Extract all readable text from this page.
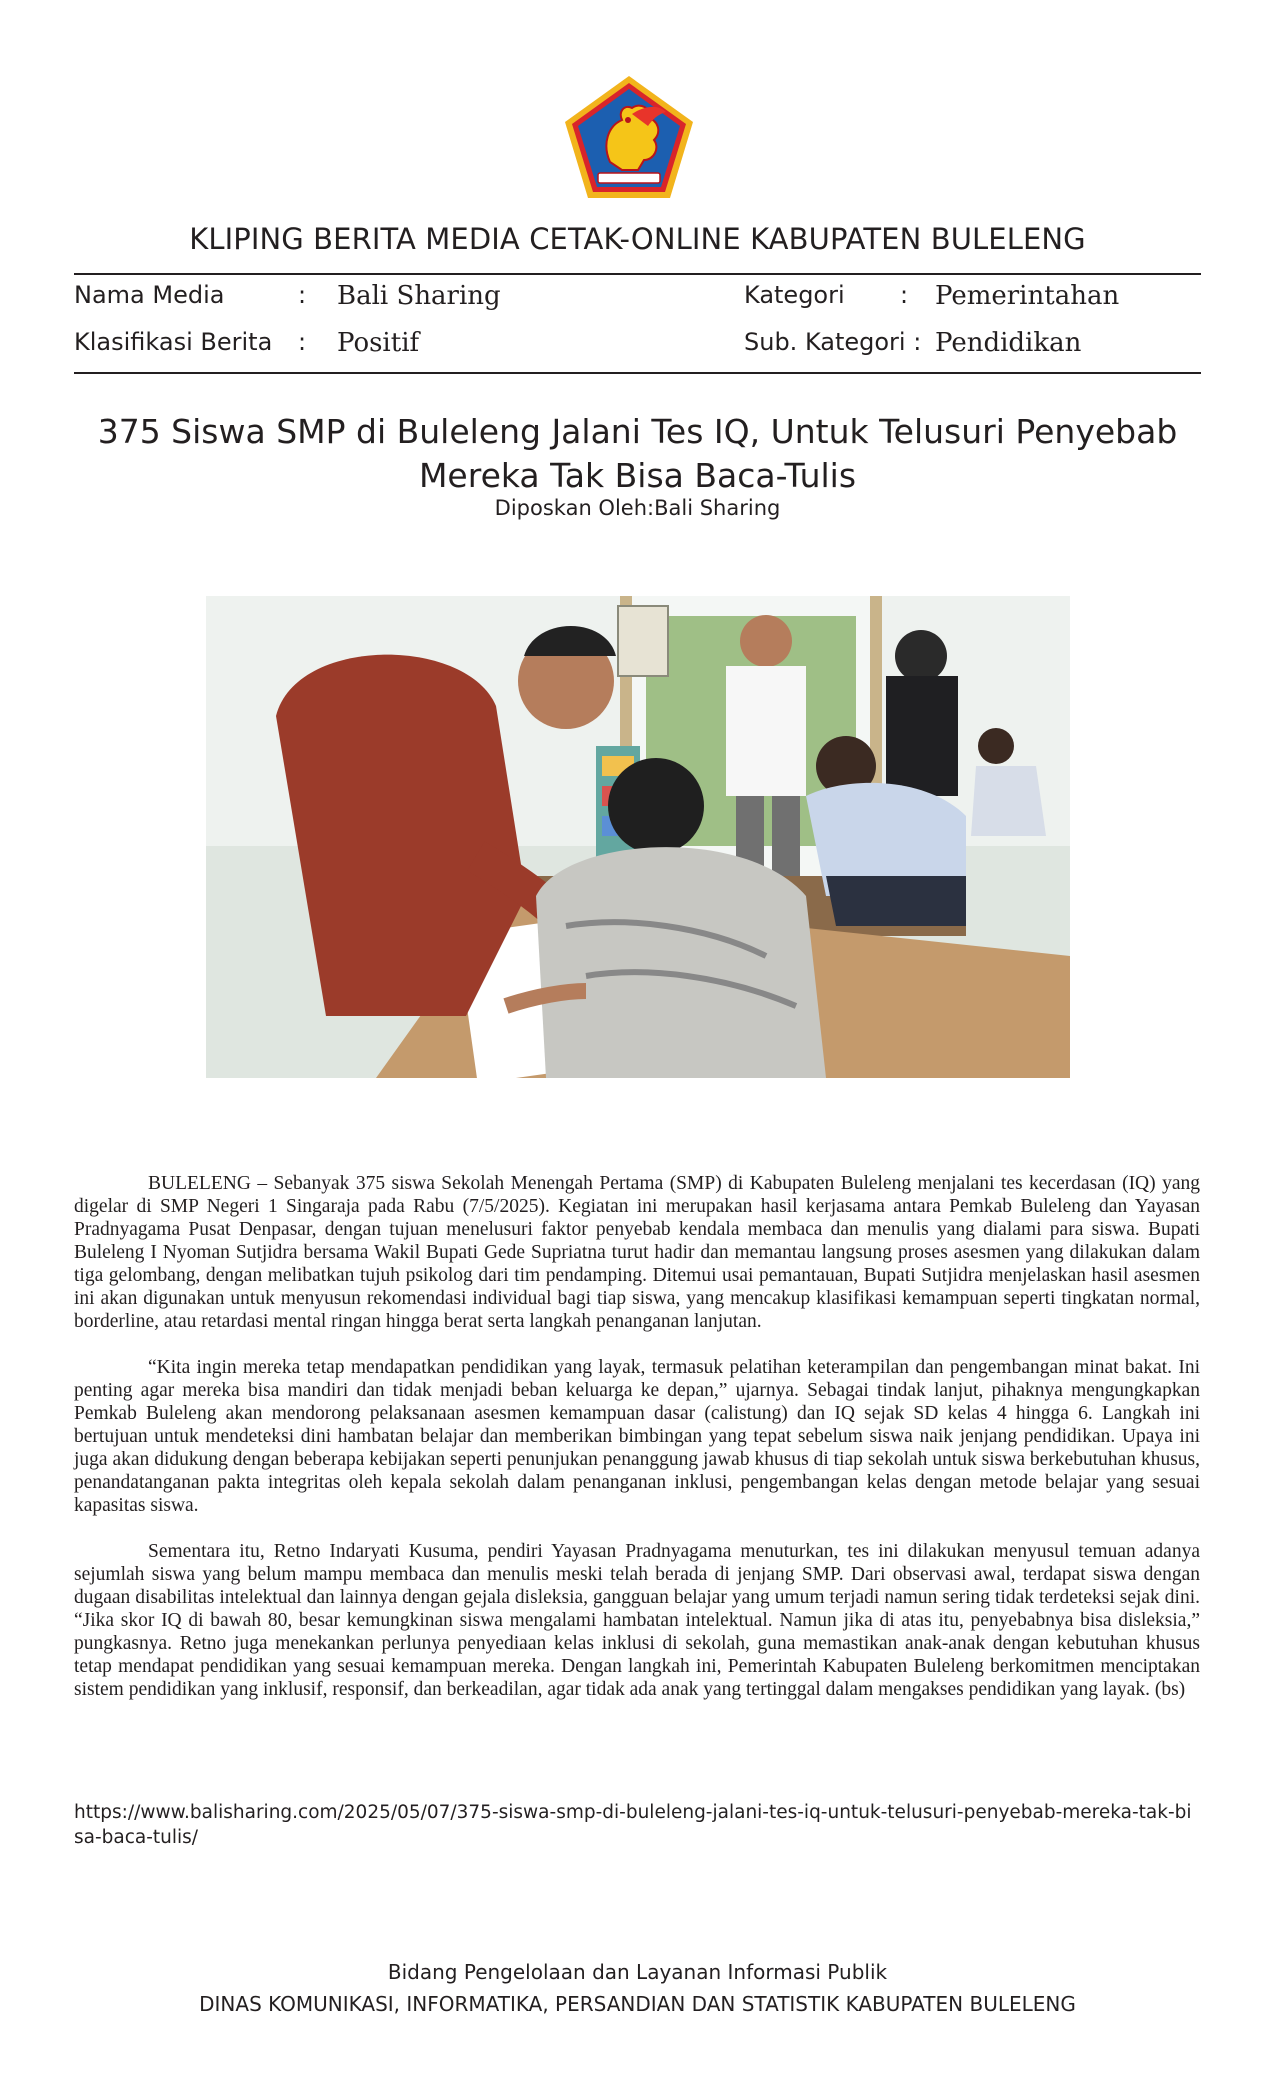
KLIPING BERITA MEDIA CETAK-ONLINE KABUPATEN BULELENG
Nama Media	: Bali Sharing	Kategori : Pemerintahan
Klasifikasi Berita : Positif	Sub. Kategori : Pendidikan
375 Siswa SMP di Buleleng Jalani Tes IQ, Untuk Telusuri Penyebab Mereka Tak Bisa Baca-Tulis
Diposkan Oleh:Bali Sharing

BULELENG – Sebanyak 375 siswa Sekolah Menengah Pertama (SMP) di Kabupaten Buleleng menjalani tes kecerdasan (IQ) yang digelar di SMP Negeri 1 Singaraja pada Rabu (7/5/2025). Kegiatan ini merupakan hasil kerjasama antara Pemkab Buleleng dan Yayasan Pradnyagama Pusat Denpasar, dengan tujuan menelusuri faktor penyebab kendala membaca dan menulis yang dialami para siswa. Bupati Buleleng I Nyoman Sutjidra bersama Wakil Bupati Gede Supriatna turut hadir dan memantau langsung proses asesmen yang dilakukan dalam tiga gelombang, dengan melibatkan tujuh psikolog dari tim pendamping. Ditemui usai pemantauan, Bupati Sutjidra menjelaskan hasil asesmen ini akan digunakan untuk menyusun rekomendasi individual bagi tiap siswa, yang mencakup klasifikasi kemampuan seperti tingkatan normal, borderline, atau retardasi mental ringan hingga berat serta langkah penanganan lanjutan.

“Kita ingin mereka tetap mendapatkan pendidikan yang layak, termasuk pelatihan keterampilan dan pengembangan minat bakat. Ini penting agar mereka bisa mandiri dan tidak menjadi beban keluarga ke depan,” ujarnya. Sebagai tindak lanjut, pihaknya mengungkapkan Pemkab Buleleng akan mendorong pelaksanaan asesmen kemampuan dasar (calistung) dan IQ sejak SD kelas 4 hingga 6. Langkah ini bertujuan untuk mendeteksi dini hambatan belajar dan memberikan bimbingan yang tepat sebelum siswa naik jenjang pendidikan. Upaya ini juga akan didukung dengan beberapa kebijakan seperti penunjukan penanggung jawab khusus di tiap sekolah untuk siswa berkebutuhan khusus, penandatanganan pakta integritas oleh kepala sekolah dalam penanganan inklusi, pengembangan kelas dengan metode belajar yang sesuai kapasitas siswa.

Sementara itu, Retno Indaryati Kusuma, pendiri Yayasan Pradnyagama menuturkan, tes ini dilakukan menyusul temuan adanya sejumlah siswa yang belum mampu membaca dan menulis meski telah berada di jenjang SMP. Dari observasi awal, terdapat siswa dengan dugaan disabilitas intelektual dan lainnya dengan gejala disleksia, gangguan belajar yang umum terjadi namun sering tidak terdeteksi sejak dini. “Jika skor IQ di bawah 80, besar kemungkinan siswa mengalami hambatan intelektual. Namun jika di atas itu, penyebabnya bisa disleksia,” pungkasnya. Retno juga menekankan perlunya penyediaan kelas inklusi di sekolah, guna memastikan anak-anak dengan kebutuhan khusus tetap mendapat pendidikan yang sesuai kemampuan mereka. Dengan langkah ini, Pemerintah Kabupaten Buleleng berkomitmen menciptakan sistem pendidikan yang inklusif, responsif, dan berkeadilan, agar tidak ada anak yang tertinggal dalam mengakses pendidikan yang layak. (bs)

https://www.balisharing.com/2025/05/07/375-siswa-smp-di-buleleng-jalani-tes-iq-untuk-telusuri-penyebab-mereka-tak-bisa-baca-tulis/
Bidang Pengelolaan dan Layanan Informasi Publik
DINAS KOMUNIKASI, INFORMATIKA, PERSANDIAN DAN STATISTIK KABUPATEN BULELENG
